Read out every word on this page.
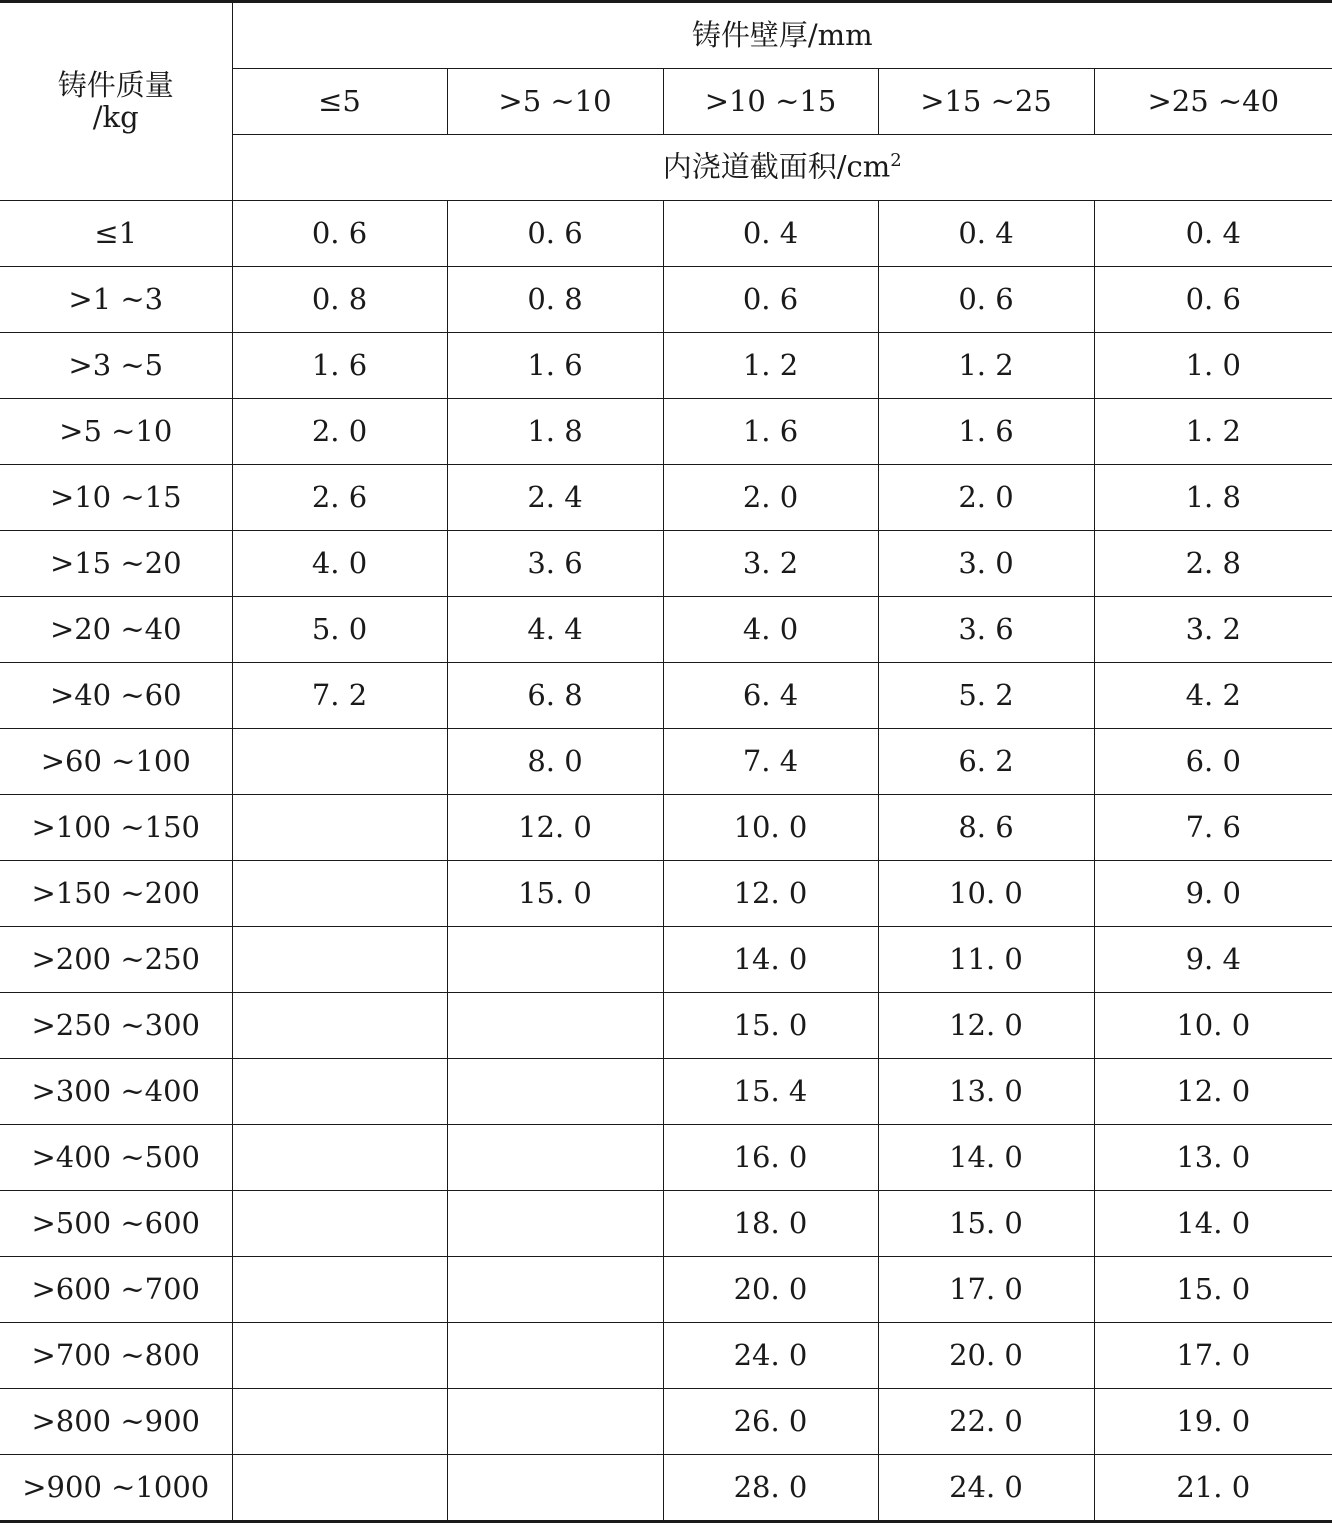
铸件质量
/kg	铸件壁厚/mm				
	≤5	>5 ~10	>10 ~15	>15 ~25	>25 ~40
	内浇道截面积$/cm^2$
≤1	0. 6	0. 6	0. 4	0. 4	0. 4
>1 ~3	0. 8	0. 8	0. 6	0. 6	0. 6
>3 ~5	1. 6	1. 6	1. 2	1. 2	1. 0
>5 ~10	2. 0	1. 8	1. 6	1. 6	1. 2
>10 ~15	2. 6	2. 4	2. 0	2. 0	1. 8
>15 ~20	4. 0	3. 6	3. 2	3. 0	2. 8
>20 ~40	5. 0	4. 4	4. 0	3. 6	3. 2
>40 ~60	7. 2	6. 8	6. 4	5. 2	4. 2
>60 ~100		8. 0	7. 4	6. 2	6. 0
>100 ~150		12. 0	10. 0	8. 6	7. 6
>150 ~200		15. 0	12. 0	10. 0	9. 0
>200 ~250			14. 0	11. 0	9. 4
>250 ~300			15. 0	12. 0	10. 0
>300 ~400			15. 4	13. 0	12. 0
>400 ~500			16. 0	14. 0	13. 0
>500 ~600			18. 0	15. 0	14. 0
>600 ~700			20. 0	17. 0	15. 0
>700 ~800			24. 0	20. 0	17. 0
>800 ~900			26. 0	22. 0	19. 0
>900 ~1000			28. 0	24. 0	21. 0
